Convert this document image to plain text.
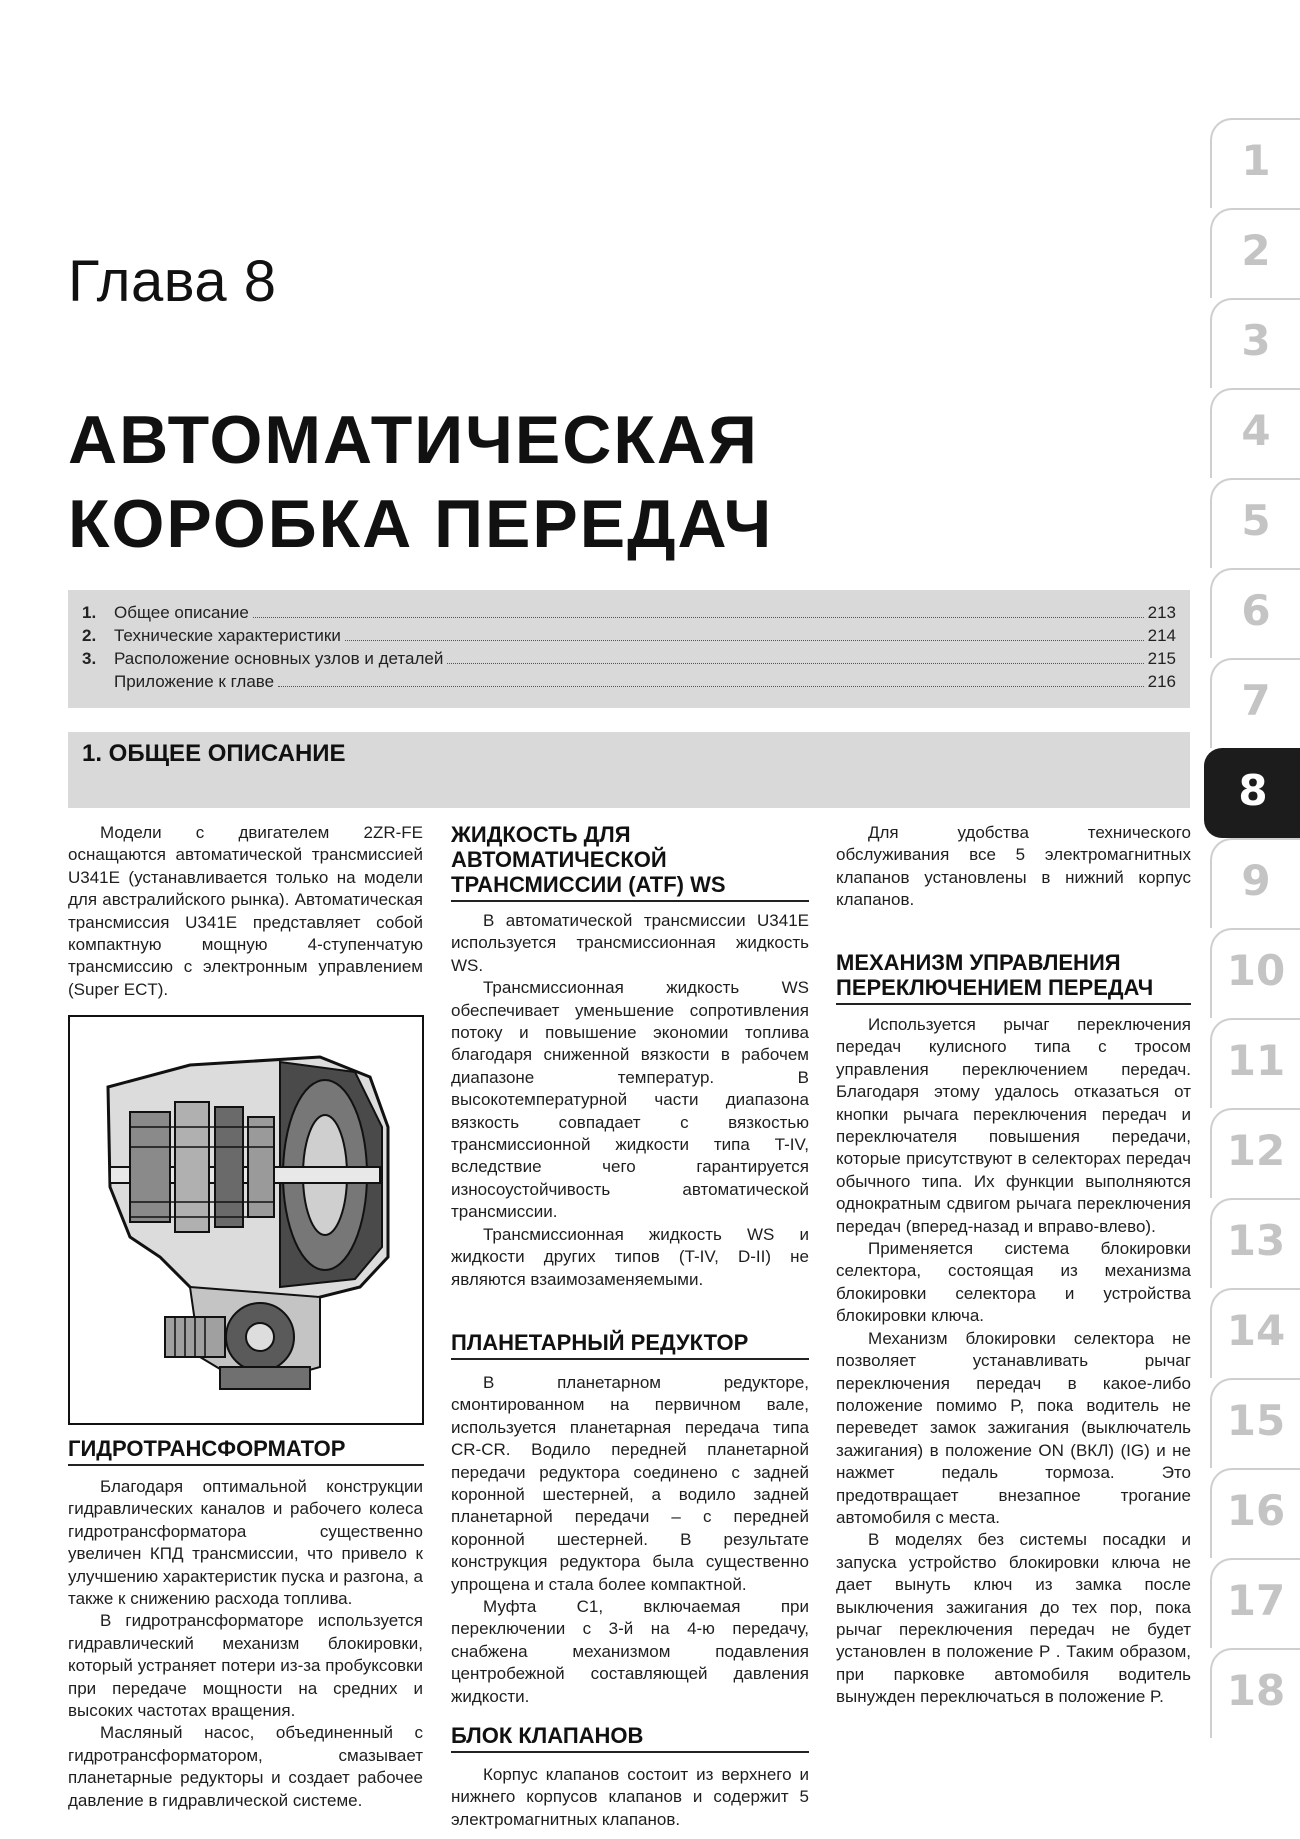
Глава 8
АВТОМАТИЧЕСКАЯ
КОРОБКА ПЕРЕДАЧ
1.	Общее описание	213
2.	Технические характеристики	214
3.	Расположение основных узлов и деталей	215
Приложение к главе	216
1. ОБЩЕЕ ОПИСАНИЕ

Модели с двигателем 2ZR-FE оснащаются автоматической трансмиссией U341E (устанавливается только на модели для австралийского рынка). Автоматическая трансмиссия U341E представляет собой компактную мощную 4-ступенчатую трансмиссию с электронным управлением (Super ECT).

ГИДРОТРАНСФОРМАТОР

Благодаря оптимальной конструкции гидравлических каналов и рабочего колеса гидротрансформатора существенно увеличен КПД трансмиссии, что привело к улучшению характеристик пуска и разгона, а также к снижению расхода топлива.

В гидротрансформаторе используется гидравлический механизм блокировки, который устраняет потери из-за пробуксовки при передаче мощности на средних и высоких частотах вращения.

Масляный насос, объединенный с гидротрансформатором, смазывает планетарные редукторы и создает рабочее давление в гидравлической системе.

ЖИДКОСТЬ ДЛЯ
АВТОМАТИЧЕСКОЙ
ТРАНСМИССИИ (ATF) WS

В автоматической трансмиссии U341E используется трансмиссионная жидкость WS.

Трансмиссионная жидкость WS обеспечивает уменьшение сопротивления потоку и повышение экономии топлива благодаря сниженной вязкости в рабочем диапазоне температур. В высокотемпературной части диапазона вязкость совпадает с вязкостью трансмиссионной жидкости типа T-IV, вследствие чего гарантируется износоустойчивость автоматической трансмиссии.

Трансмиссионная жидкость WS и жидкости других типов (T-IV, D-II) не являются взаимозаменяемыми.

ПЛАНЕТАРНЫЙ РЕДУКТОР

В планетарном редукторе, смонтированном на первичном вале, используется планетарная передача типа CR-CR. Водило передней планетарной передачи редуктора соединено с задней коронной шестерней, а водило задней планетарной передачи – с передней коронной шестерней. В результате конструкция редуктора была существенно упрощена и стала более компактной.

Муфта C1, включаемая при переключении с 3-й на 4-ю передачу, снабжена механизмом подавления центробежной составляющей давления жидкости.

БЛОК КЛАПАНОВ

Корпус клапанов состоит из верхнего и нижнего корпусов клапанов и содержит 5 электромагнитных клапанов.

Для удобства технического обслуживания все 5 электромагнитных клапанов установлены в нижний корпус клапанов.

МЕХАНИЗМ УПРАВЛЕНИЯ
ПЕРЕКЛЮЧЕНИЕМ ПЕРЕДАЧ

Используется рычаг переключения передач кулисного типа с тросом управления переключением передач. Благодаря этому удалось отказаться от кнопки рычага переключения передач и переключателя повышения передачи, которые присутствуют в селекторах передач обычного типа. Их функции выполняются однократным сдвигом рычага переключения передач (вперед-назад и вправо-влево).

Применяется система блокировки селектора, состоящая из механизма блокировки селектора и устройства блокировки ключа.

Механизм блокировки селектора не позволяет устанавливать рычаг переключения передач в какое-либо положение помимо P, пока водитель не переведет замок зажигания (выключатель зажигания) в положение ON (ВКЛ) (IG) и не нажмет педаль тормоза. Это предотвращает внезапное трогание автомобиля с места.

В моделях без системы посадки и запуска устройство блокировки ключа не дает вынуть ключ из замка после выключения зажигания до тех пор, пока рычаг переключения передач не будет установлен в положение P . Таким образом, при парковке автомобиля водитель вынужден переключаться в положение P.

1
2
3
4
5
6
7
8
9
10
11
12
13
14
15
16
17
18
